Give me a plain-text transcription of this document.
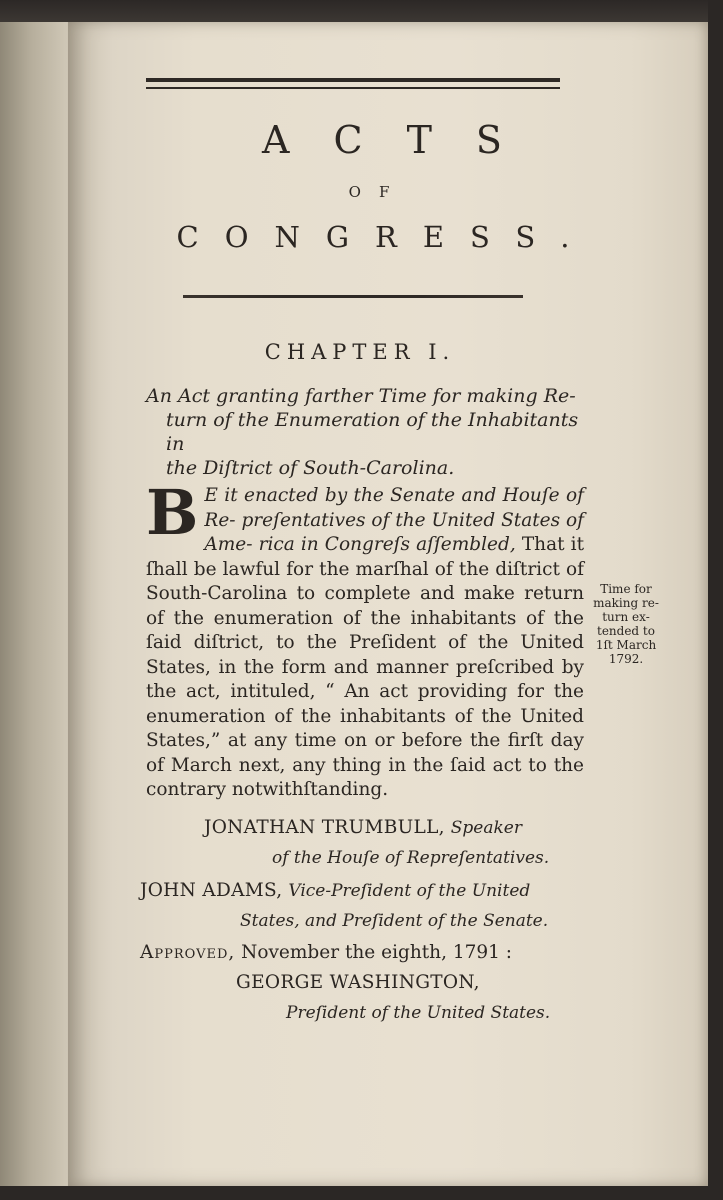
ACTS
OF
CONGRESS.
CHAPTER I.
An Act granting farther Time for making Re-
turn of the Enumeration of the Inhabitants in
the Diſtrict of South-Carolina.
B E it enacted by the Senate and Houſe of Re- preſentatives of the United States of Ame- rica in Congreſs aſſembled, That it ſhall be lawful for the marſhal of the diſtrict of South-Carolina to complete and make return of the enumeration of the inhabitants of the ſaid diſtrict, to the Preſident of the United States, in the form and manner preſcribed by the act, intituled, “ An act providing for the enumeration of the inhabitants of the United States,” at any time on or before the firſt day of March next, any thing in the ſaid act to the contrary notwithſtanding.
Time for
making re-
turn ex-
tended to
1ſt March
1792.
JONATHAN TRUMBULL, Speaker
of the Houſe of Repreſentatives.
JOHN ADAMS, Vice-Preſident of the United
States, and Preſident of the Senate.
Approved, November the eighth, 1791 :
GEORGE WASHINGTON,
Preſident of the United States.
